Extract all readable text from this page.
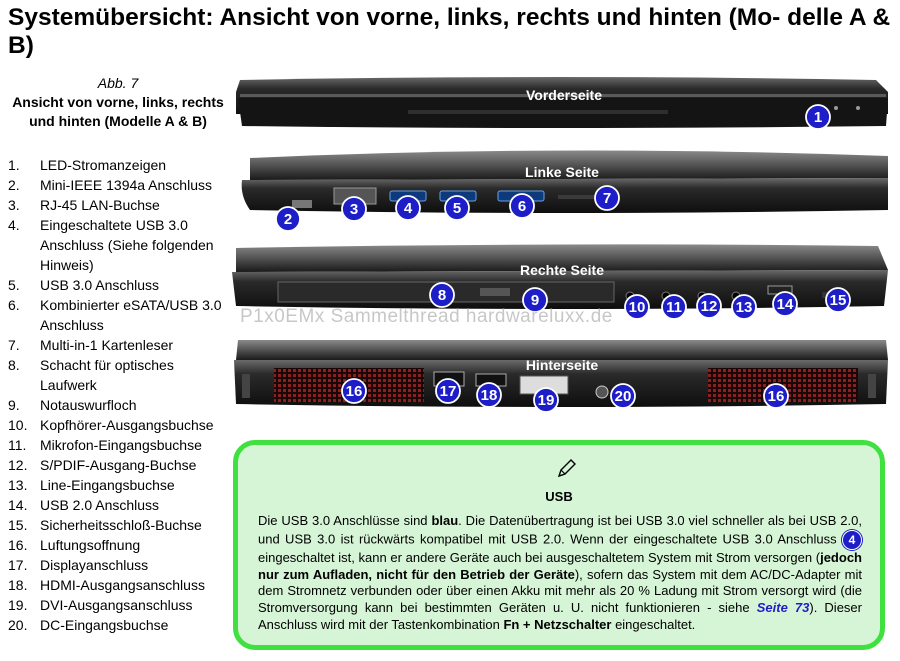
Systemübersicht: Ansicht von vorne, links, rechts und hinten (Mo- delle A & B)
Abb. 7
Ansicht von vorne, links, rechts und hinten (Modelle A & B)
1.	LED-Stromanzeigen
2.	Mini-IEEE 1394a Anschluss
3.	RJ-45 LAN-Buchse
4.	Eingeschaltete USB 3.0 Anschluss (Siehe folgenden Hinweis)
5.	USB 3.0 Anschluss
6.	Kombinierter eSATA/USB 3.0 Anschluss
7.	Multi-in-1 Kartenleser
8.	Schacht für optisches Laufwerk
9.	Notauswurfloch
10. Kopfhörer-Ausgangsbuchse
11. Mikrofon-Eingangsbuchse
12. S/PDIF-Ausgang-Buchse
13. Line-Eingangsbuchse
14. USB 2.0 Anschluss
15. Sicherheitsschloß-Buchse
16. Luftungsoffnung
17. Displayanschluss
18. HDMI-Ausgangsanschluss
19. DVI-Ausgangsanschluss
20. DC-Eingangsbuchse
Vorderseite
Linke Seite
Rechte Seite
Hinterseite
1
2
3	4	5	6	7
8	9	10 11 12 13 14 15
16	17 18	19	20	16
P1x0EMx Sammelthread hardwareluxx.de
USB
Die USB 3.0 Anschlüsse sind blau. Die Datenübertragung ist bei USB 3.0 viel schneller als bei USB 2.0, und USB 3.0 ist rückwärts kompatibel mit USB 2.0. Wenn der eingeschaltete USB 3.0 Anschluss 4 eingeschaltet ist, kann er andere Geräte auch bei ausgeschaltetem System mit Strom versorgen (jedoch nur zum Aufladen, nicht für den Betrieb der Geräte), sofern das System mit dem AC/DC-Adapter mit dem Stromnetz verbunden oder über einen Akku mit mehr als 20 % Ladung mit Strom versorgt wird (die Stromversorgung kann bei bestimmten Geräten u. U. nicht funktionieren - siehe Seite 73). Dieser Anschluss wird mit der Tastenkombination Fn + Netzschalter eingeschaltet.
